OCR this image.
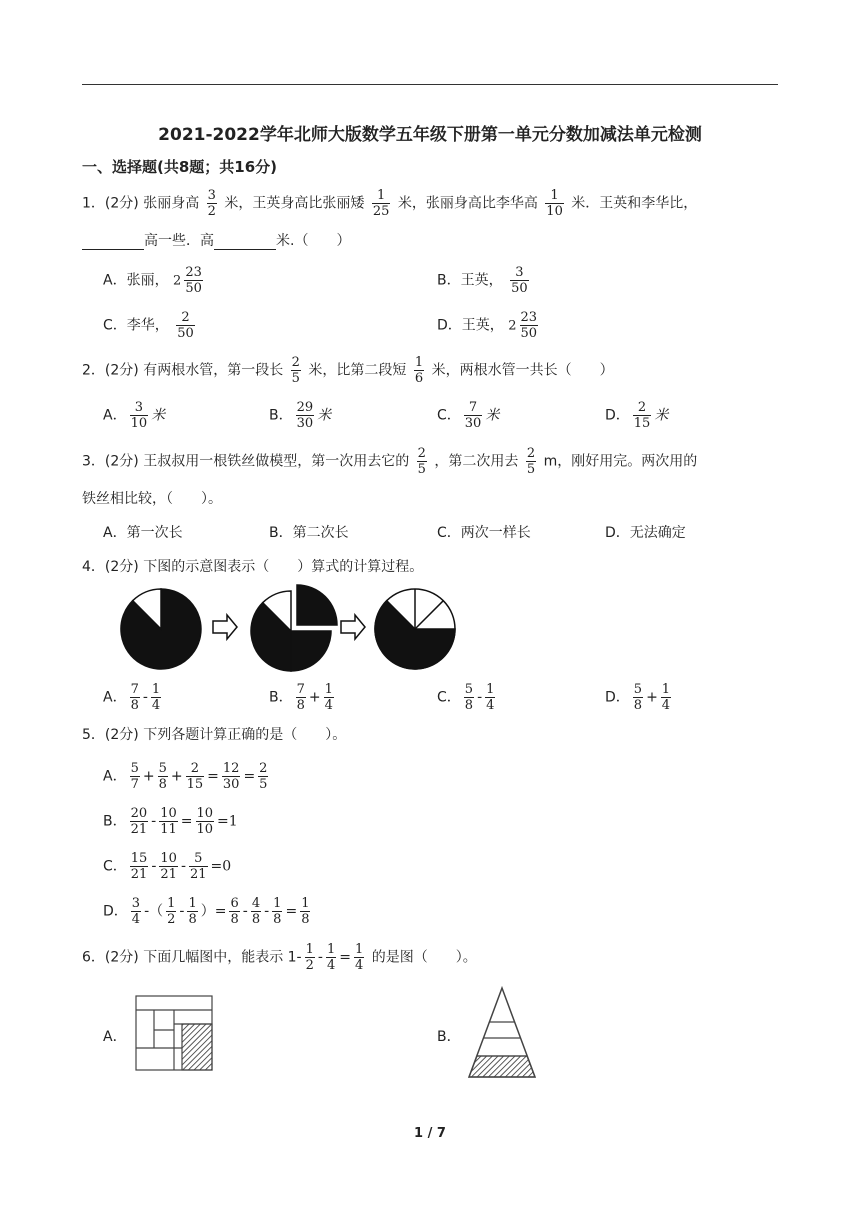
2021-2022学年北师大版数学五年级下册第一单元分数加减法单元检测
一、选择题(共8题；共16分)
1．(2分) 张丽身高 $\frac{3}{2}$ 米，王英身高比张丽矮 $\frac{1}{25}$ 米，张丽身高比李华高 $\frac{1}{10}$ 米．王英和李华比，
高一些．高	米.（　　）
A．张丽， $2 \frac{23}{50}$	B．王英， $\frac{3}{50}$
C．李华， $\frac{2}{50}$	D．王英， $2 \frac{23}{50}$
2．(2分) 有两根水管，第一段长 $\frac{2}{5}$ 米，比第二段短 $\frac{1}{6}$ 米，两根水管一共长（　　）
A． $\frac{3}{10}$ 米	B． $\frac{29}{30}$ 米	C． $\frac{7}{30}$ 米	D． $\frac{2}{15}$ 米
3．(2分) 王叔叔用一根铁丝做模型，第一次用去它的 $\frac{2}{5}$ ，第二次用去 $\frac{2}{5}$ m，刚好用完。两次用的
铁丝相比较，（　　）。
A．第一次长	B．第二次长	C．两次一样长	D．无法确定
4．(2分) 下图的示意图表示（　　）算式的计算过程。
A． $\frac{7}{8} - \frac{1}{4}$	B． $\frac{7}{8} + \frac{1}{4}$	C． $\frac{5}{8} - \frac{1}{4}$	D． $\frac{5}{8} + \frac{1}{4}$
5．(2分) 下列各题计算正确的是（　　）。
A． $\frac{5}{7} + \frac{5}{8} + \frac{2}{15} = \frac{12}{30} = \frac{2}{5}$
B． $\frac{20}{21} - \frac{10}{11} = \frac{10}{10} =1$
C． $\frac{15}{21} - \frac{10}{21} - \frac{5}{21} =0$
D． $\frac{3}{4}$ -（ $\frac{1}{2} - \frac{1}{8}$ ）= $\frac{6}{8} - \frac{4}{8} - \frac{1}{8} = \frac{1}{8}$
6．(2分) 下面几幅图中，能表示 $1- \frac{1}{2} - \frac{1}{4} = \frac{1}{4}$ 的是图（　　）。
A．	B．
1 / 7
